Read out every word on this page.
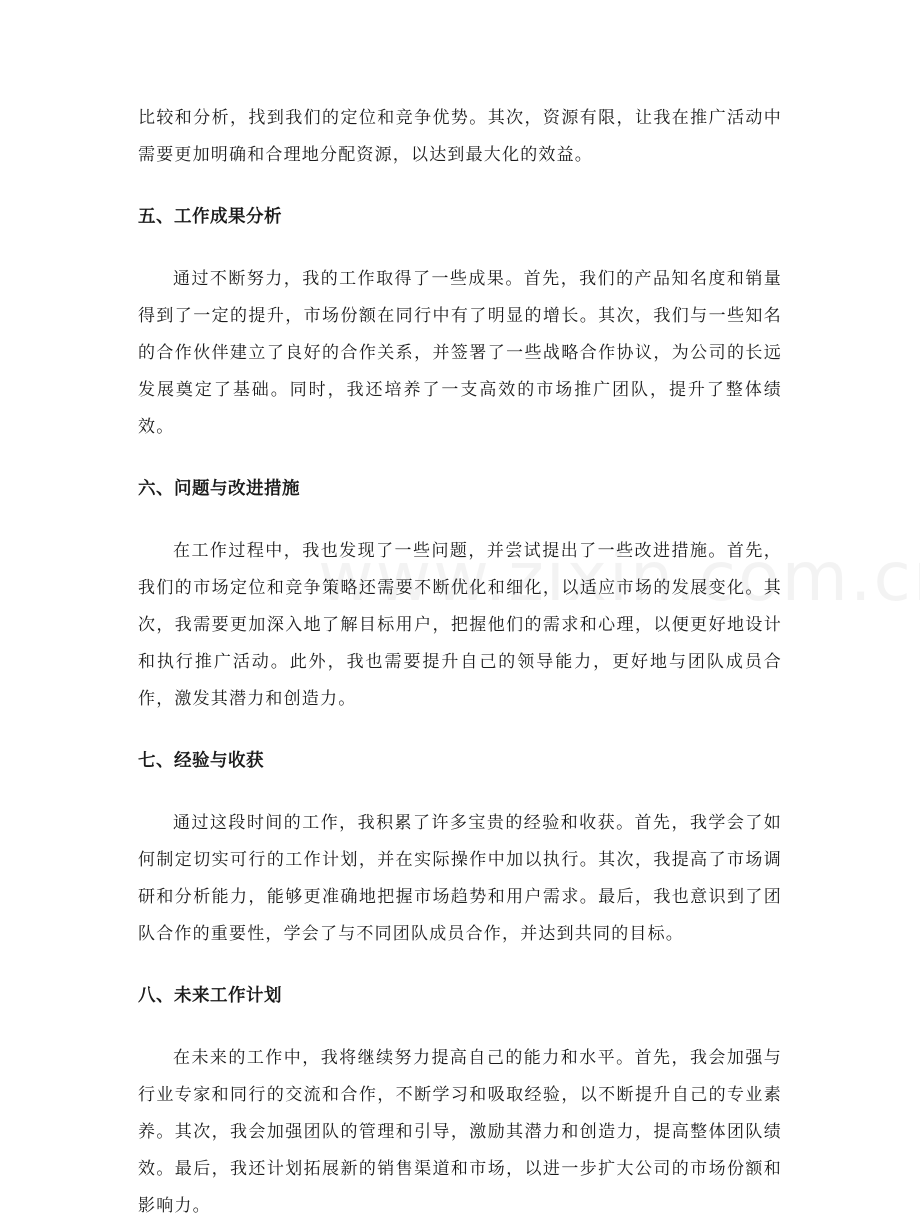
比较和分析，找到我们的定位和竞争优势。其次，资源有限，让我在推广活动中需要更加明确和合理地分配资源，以达到最大化的效益。

五、工作成果分析

通过不断努力，我的工作取得了一些成果。首先，我们的产品知名度和销量得到了一定的提升，市场份额在同行中有了明显的增长。其次，我们与一些知名的合作伙伴建立了良好的合作关系，并签署了一些战略合作协议，为公司的长远发展奠定了基础。同时，我还培养了一支高效的市场推广团队，提升了整体绩效。

六、问题与改进措施

在工作过程中，我也发现了一些问题，并尝试提出了一些改进措施。首先，我们的市场定位和竞争策略还需要不断优化和细化，以适应市场的发展变化。其次，我需要更加深入地了解目标用户，把握他们的需求和心理，以便更好地设计和执行推广活动。此外，我也需要提升自己的领导能力，更好地与团队成员合作，激发其潜力和创造力。

七、经验与收获

通过这段时间的工作，我积累了许多宝贵的经验和收获。首先，我学会了如何制定切实可行的工作计划，并在实际操作中加以执行。其次，我提高了市场调研和分析能力，能够更准确地把握市场趋势和用户需求。最后，我也意识到了团队合作的重要性，学会了与不同团队成员合作，并达到共同的目标。

八、未来工作计划

在未来的工作中，我将继续努力提高自己的能力和水平。首先，我会加强与行业专家和同行的交流和合作，不断学习和吸取经验，以不断提升自己的专业素养。其次，我会加强团队的管理和引导，激励其潜力和创造力，提高整体团队绩效。最后，我还计划拓展新的销售渠道和市场，以进一步扩大公司的市场份额和影响力。
